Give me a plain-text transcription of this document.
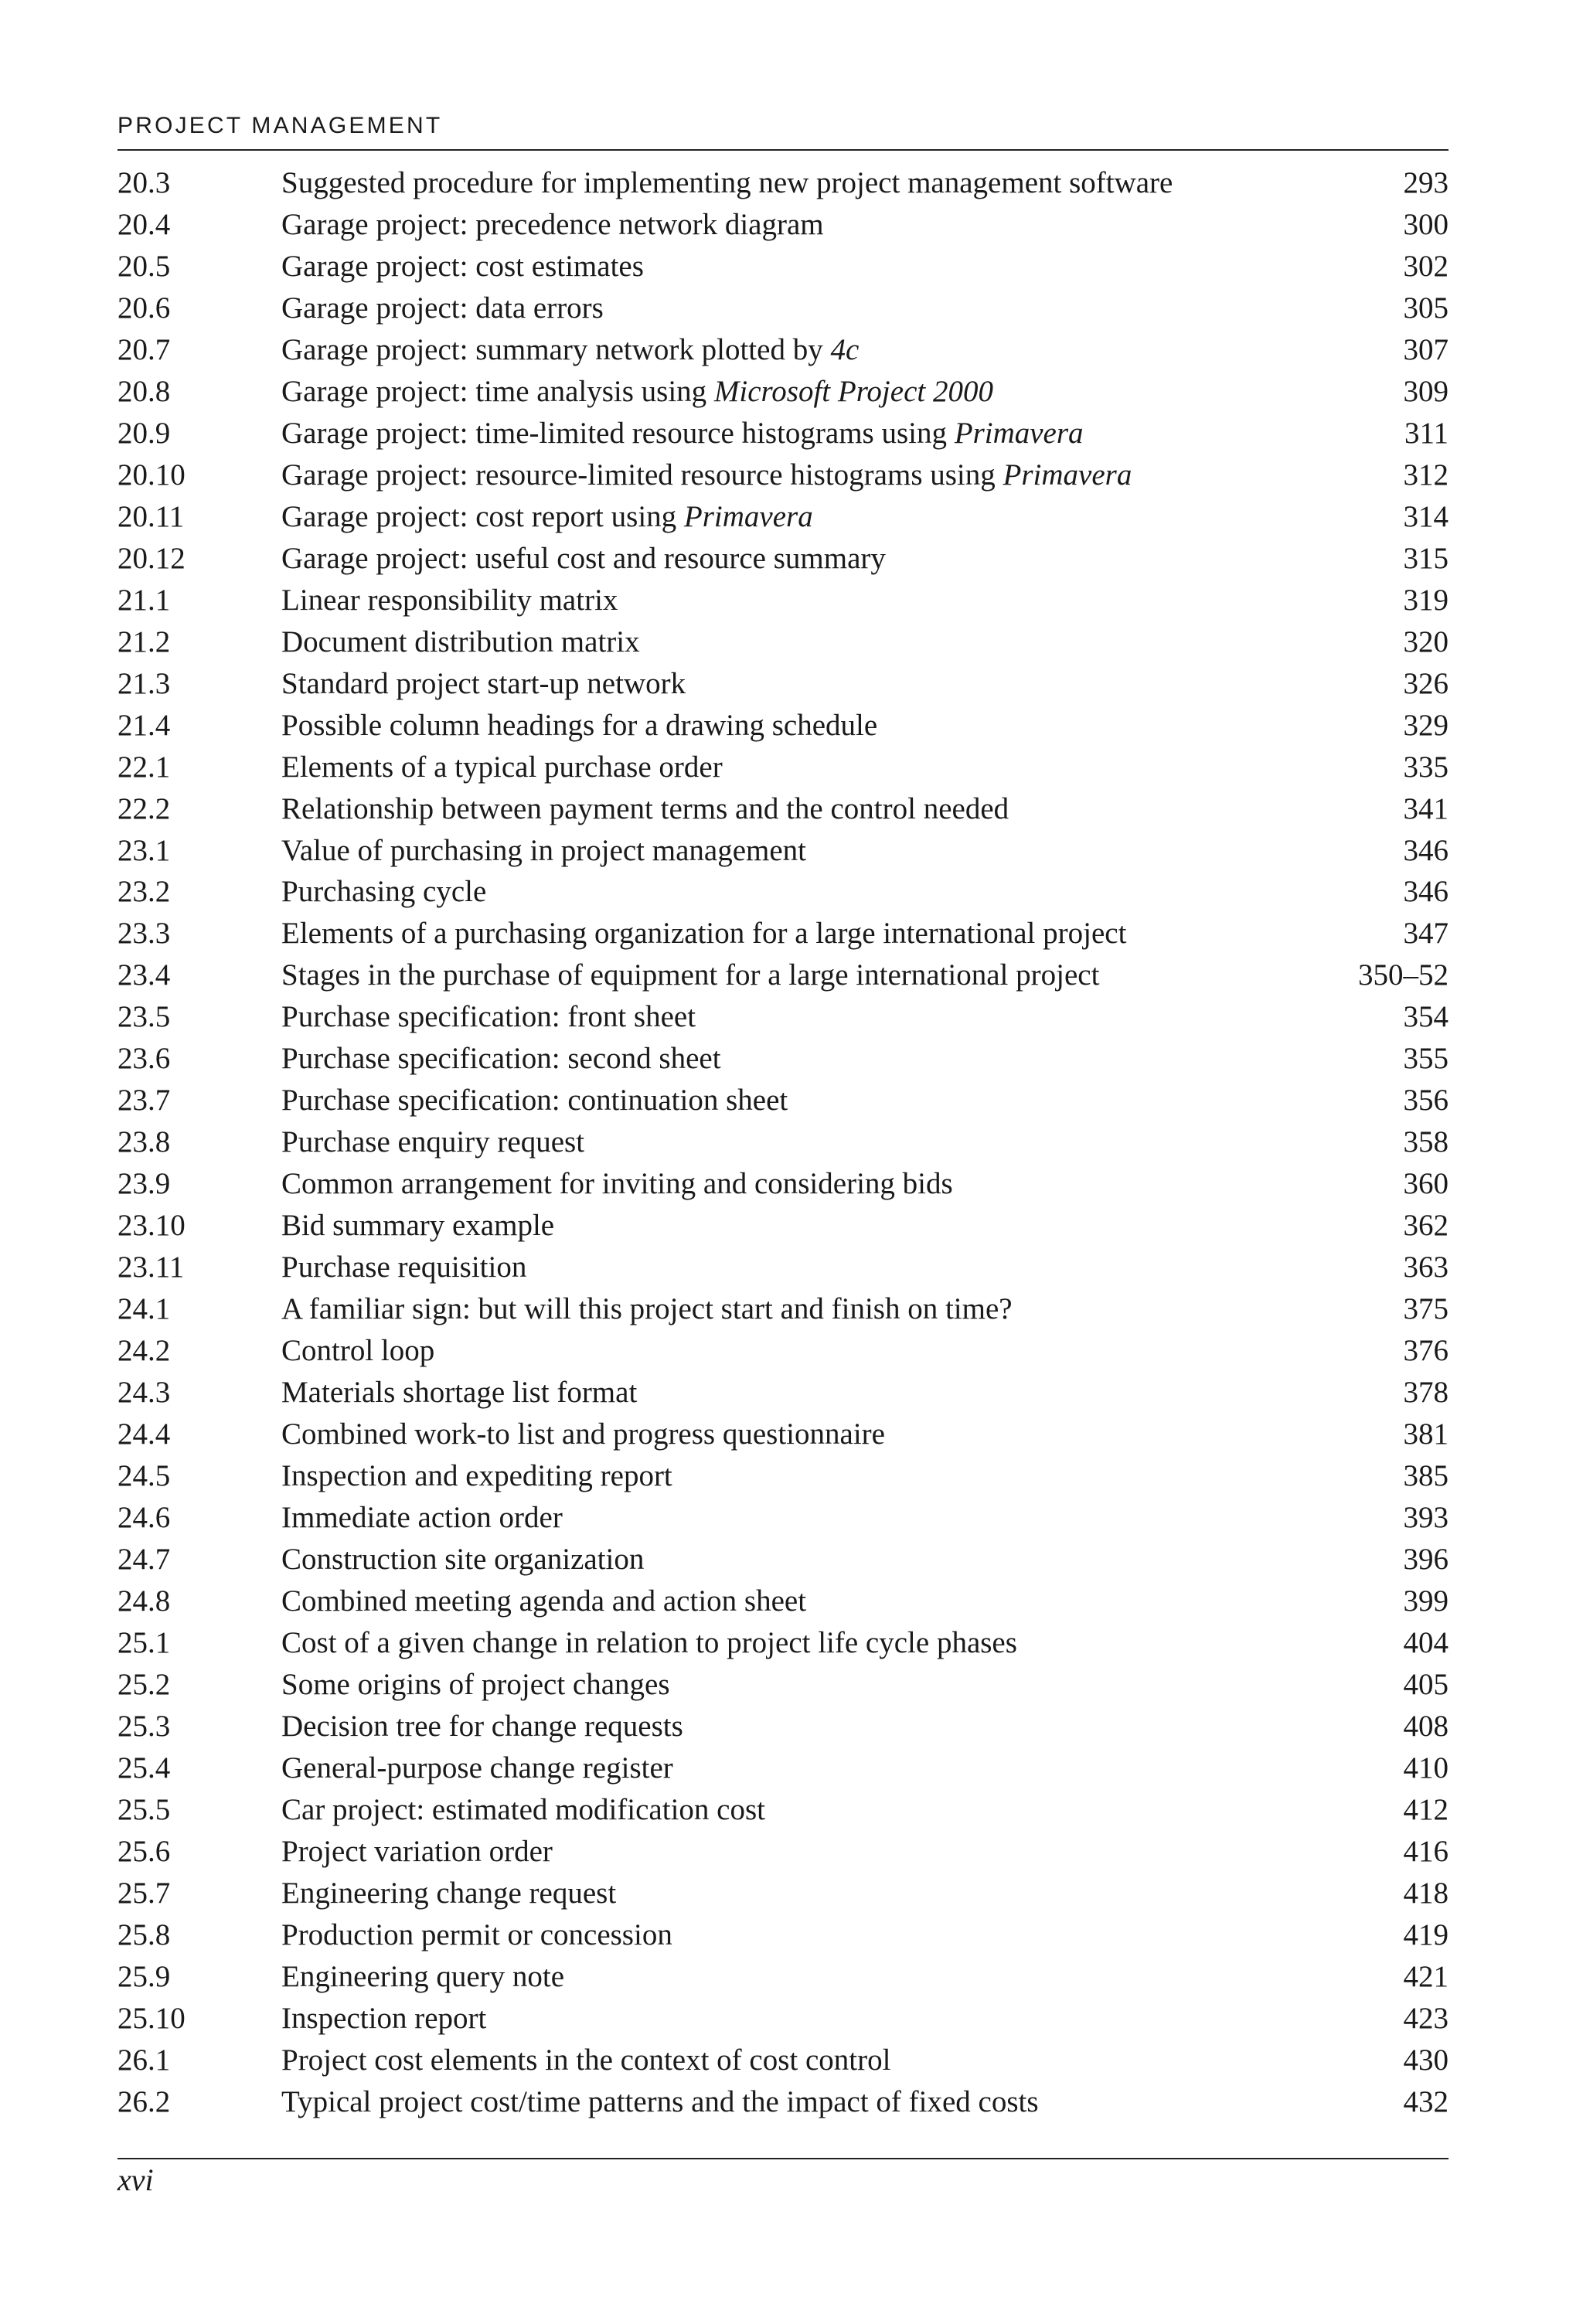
PROJECT MANAGEMENT
20.3	Suggested procedure for implementing new project management software	293
20.4	Garage project: precedence network diagram	300
20.5	Garage project: cost estimates	302
20.6	Garage project: data errors	305
20.7	Garage project: summary network plotted by 4c	307
20.8	Garage project: time analysis using Microsoft Project 2000	309
20.9	Garage project: time-limited resource histograms using Primavera	311
20.10	Garage project: resource-limited resource histograms using Primavera	312
20.11	Garage project: cost report using Primavera	314
20.12	Garage project: useful cost and resource summary	315
21.1	Linear responsibility matrix	319
21.2	Document distribution matrix	320
21.3	Standard project start-up network	326
21.4	Possible column headings for a drawing schedule	329
22.1	Elements of a typical purchase order	335
22.2	Relationship between payment terms and the control needed	341
23.1	Value of purchasing in project management	346
23.2	Purchasing cycle	346
23.3	Elements of a purchasing organization for a large international project	347
23.4	Stages in the purchase of equipment for a large international project	350–52
23.5	Purchase specification: front sheet	354
23.6	Purchase specification: second sheet	355
23.7	Purchase specification: continuation sheet	356
23.8	Purchase enquiry request	358
23.9	Common arrangement for inviting and considering bids	360
23.10	Bid summary example	362
23.11	Purchase requisition	363
24.1	A familiar sign: but will this project start and finish on time?	375
24.2	Control loop	376
24.3	Materials shortage list format	378
24.4	Combined work-to list and progress questionnaire	381
24.5	Inspection and expediting report	385
24.6	Immediate action order	393
24.7	Construction site organization	396
24.8	Combined meeting agenda and action sheet	399
25.1	Cost of a given change in relation to project life cycle phases	404
25.2	Some origins of project changes	405
25.3	Decision tree for change requests	408
25.4	General-purpose change register	410
25.5	Car project: estimated modification cost	412
25.6	Project variation order	416
25.7	Engineering change request	418
25.8	Production permit or concession	419
25.9	Engineering query note	421
25.10	Inspection report	423
26.1	Project cost elements in the context of cost control	430
26.2	Typical project cost/time patterns and the impact of fixed costs	432
xvi
